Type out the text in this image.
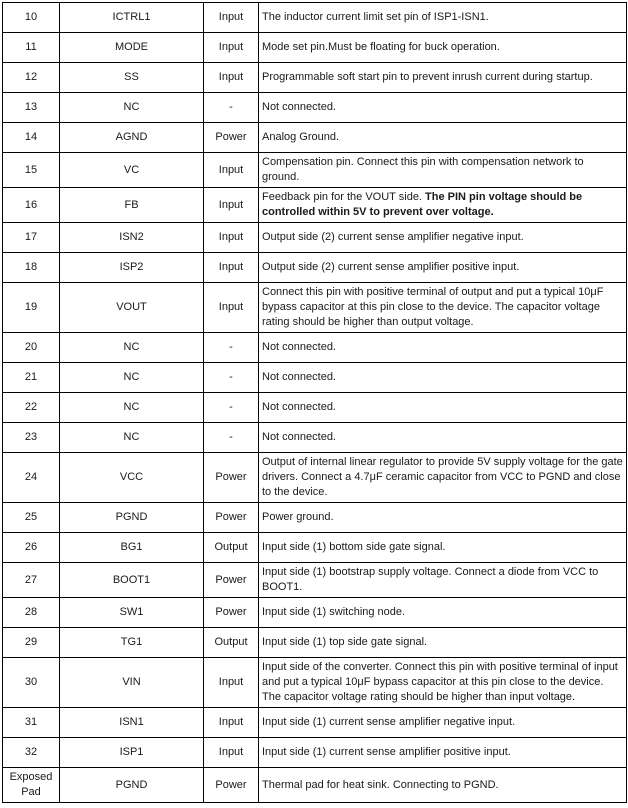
10	ICTRL1	Input	The inductor current limit set pin of ISP1-ISN1.
11	MODE	Input	Mode set pin.Must be floating for buck operation.
12	SS	Input	Programmable soft start pin to prevent inrush current during startup.
13	NC	-	Not connected.
14	AGND	Power	Analog Ground.
15	VC	Input	Compensation pin. Connect this pin with compensation network to ground.
16	FB	Input	Feedback pin for the VOUT side. The PIN pin voltage should be controlled within 5V to prevent over voltage.
17	ISN2	Input	Output side (2) current sense amplifier negative input.
18	ISP2	Input	Output side (2) current sense amplifier positive input.
19	VOUT	Input	Connect this pin with positive terminal of output and put a typical 10μF bypass capacitor at this pin close to the device. The capacitor voltage rating should be higher than output voltage.
20	NC	-	Not connected.
21	NC	-	Not connected.
22	NC	-	Not connected.
23	NC	-	Not connected.
24	VCC	Power	Output of internal linear regulator to provide 5V supply voltage for the gate drivers. Connect a 4.7μF ceramic capacitor from VCC to PGND and close to the device.
25	PGND	Power	Power ground.
26	BG1	Output	Input side (1) bottom side gate signal.
27	BOOT1	Power	Input side (1) bootstrap supply voltage. Connect a diode from VCC to BOOT1.
28	SW1	Power	Input side (1) switching node.
29	TG1	Output	Input side (1) top side gate signal.
30	VIN	Input	Input side of the converter. Connect this pin with positive terminal of input and put a typical 10μF bypass capacitor at this pin close to the device. The capacitor voltage rating should be higher than input voltage.
31	ISN1	Input	Input side (1) current sense amplifier negative input.
32	ISP1	Input	Input side (1) current sense amplifier positive input.
Exposed Pad	PGND	Power	Thermal pad for heat sink. Connecting to PGND.
